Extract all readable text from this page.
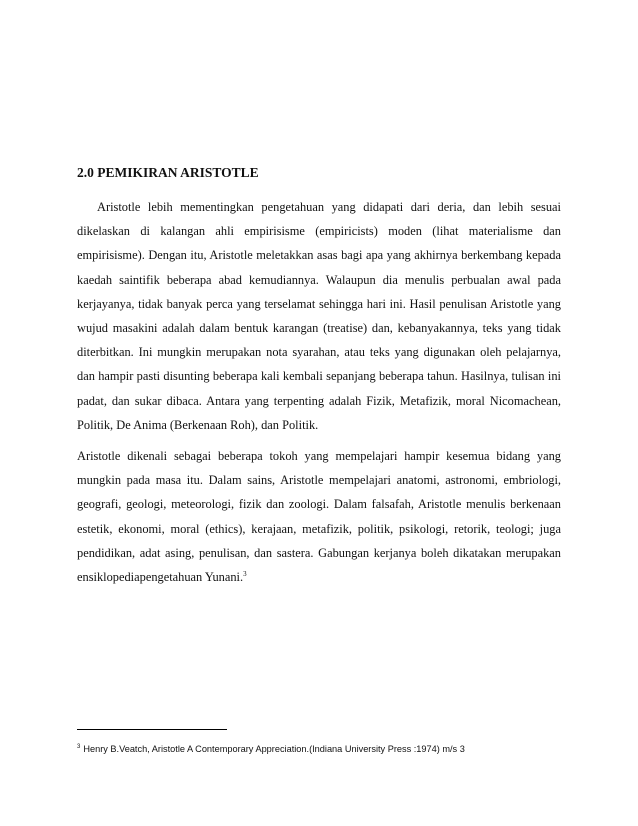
2.0 PEMIKIRAN ARISTOTLE

Aristotle lebih mementingkan pengetahuan yang didapati dari deria, dan lebih sesuai dikelaskan di kalangan ahli empirisisme (empiricists) moden (lihat materialisme dan empirisisme). Dengan itu, Aristotle meletakkan asas bagi apa yang akhirnya berkembang kepada kaedah saintifik beberapa abad kemudiannya. Walaupun dia menulis perbualan awal pada kerjayanya, tidak banyak perca yang terselamat sehingga hari ini. Hasil penulisan Aristotle yang wujud masakini adalah dalam bentuk karangan (treatise) dan, kebanyakannya, teks yang tidak diterbitkan. Ini mungkin merupakan nota syarahan, atau teks yang digunakan oleh pelajarnya, dan hampir pasti disunting beberapa kali kembali sepanjang beberapa tahun. Hasilnya, tulisan ini padat, dan sukar dibaca. Antara yang terpenting adalah Fizik, Metafizik, moral Nicomachean, Politik, De Anima (Berkenaan Roh), dan Politik.

Aristotle dikenali sebagai beberapa tokoh yang mempelajari hampir kesemua bidang yang mungkin pada masa itu. Dalam sains, Aristotle mempelajari anatomi, astronomi, embriologi, geografi, geologi, meteorologi, fizik dan zoologi. Dalam falsafah, Aristotle menulis berkenaan estetik, ekonomi, moral (ethics), kerajaan, metafizik, politik, psikologi, retorik, teologi; juga pendidikan, adat asing, penulisan, dan sastera. Gabungan kerjanya boleh dikatakan merupakan ensiklopediapengetahuan Yunani.$^3$

$^3$ Henry B.Veatch, Aristotle A Contemporary Appreciation.(Indiana University Press :1974) m/s 3
